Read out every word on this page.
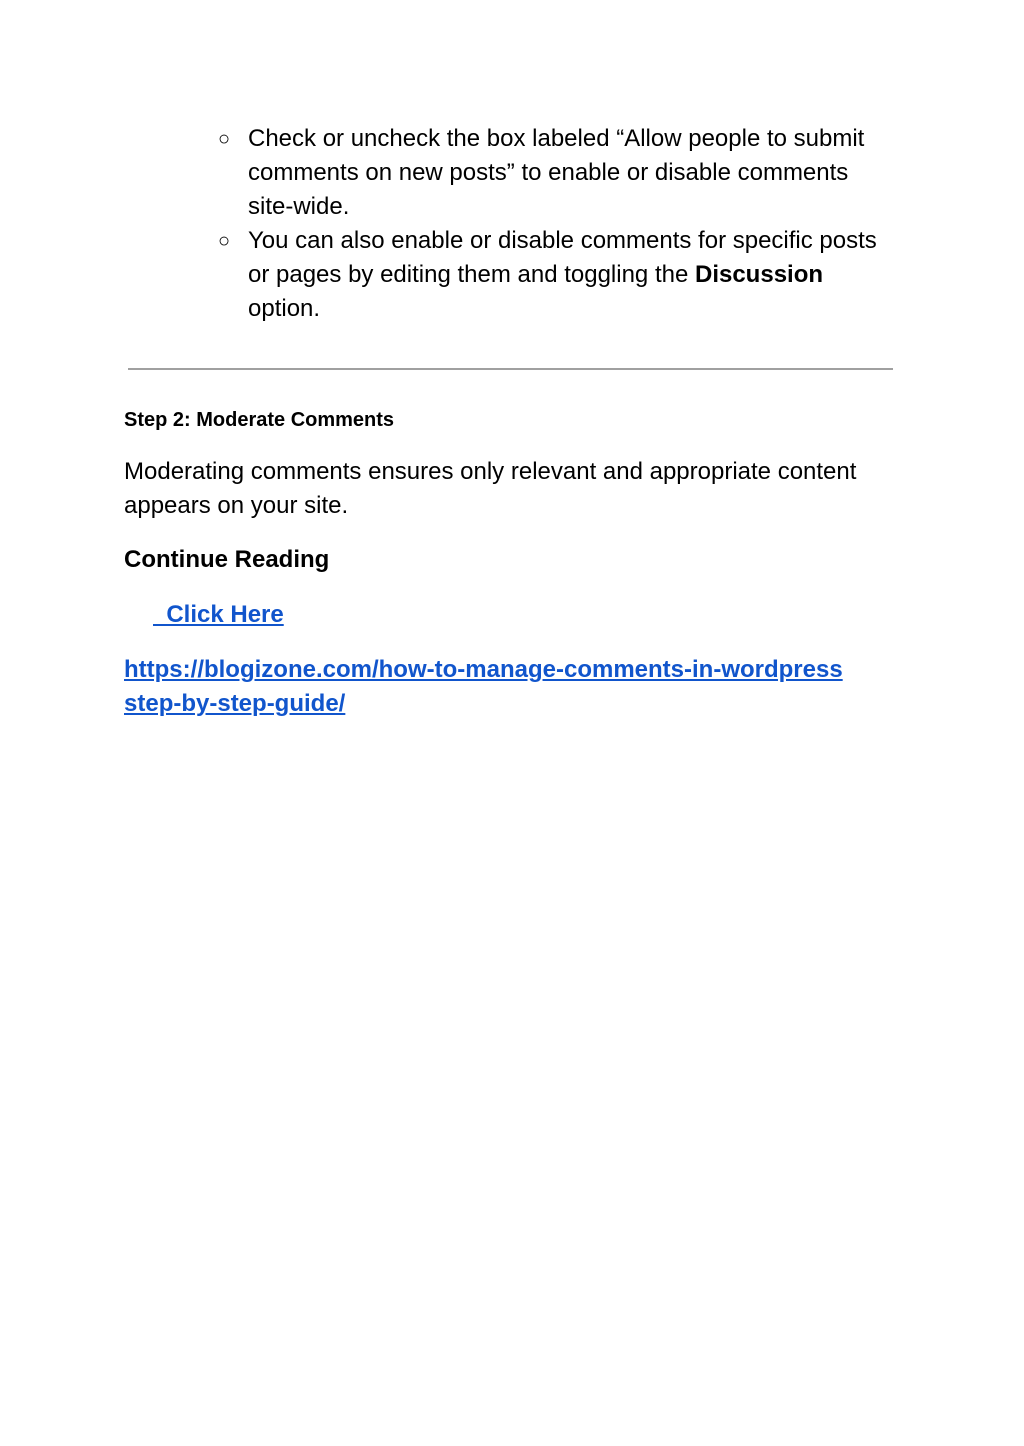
○ Check or uncheck the box labeled “Allow people to submit comments on new posts” to enable or disable comments site-wide.
○ You can also enable or disable comments for specific posts or pages by editing them and toggling the Discussion option.
Step 2: Moderate Comments

Moderating comments ensures only relevant and appropriate content appears on your site.

Continue Reading
Click Here
https://blogizone.com/how-to-manage-comments-in-wordpress
step-by-step-guide/
